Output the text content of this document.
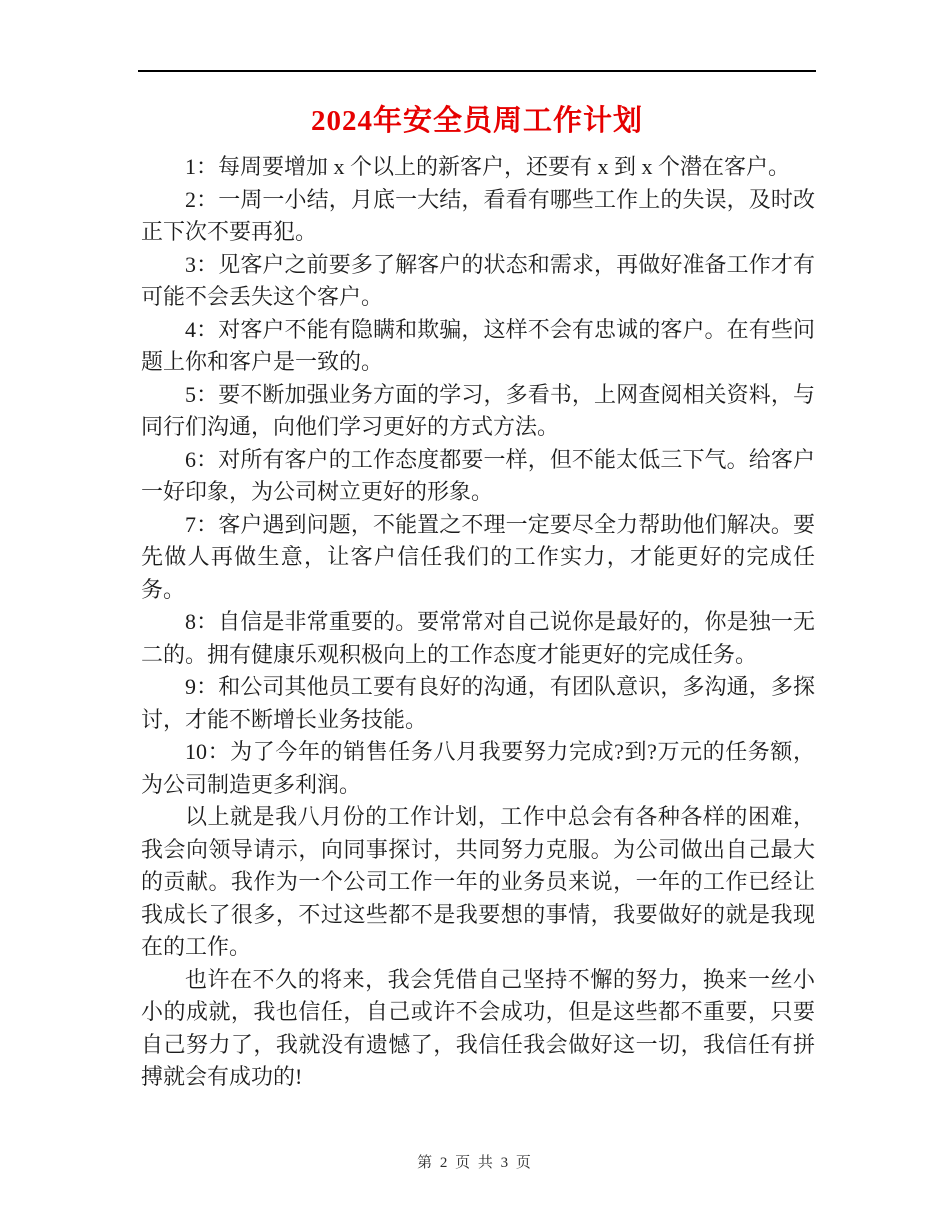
2024年安全员周工作计划

1：每周要增加 x 个以上的新客户，还要有 x 到 x 个潜在客户。

2：一周一小结，月底一大结，看看有哪些工作上的失误，及时改正下次不要再犯。

3：见客户之前要多了解客户的状态和需求，再做好准备工作才有可能不会丢失这个客户。

4：对客户不能有隐瞒和欺骗，这样不会有忠诚的客户。在有些问题上你和客户是一致的。

5：要不断加强业务方面的学习，多看书，上网查阅相关资料，与同行们沟通，向他们学习更好的方式方法。

6：对所有客户的工作态度都要一样，但不能太低三下气。给客户一好印象，为公司树立更好的形象。

7：客户遇到问题，不能置之不理一定要尽全力帮助他们解决。要先做人再做生意，让客户信任我们的工作实力，才能更好的完成任务。

8：自信是非常重要的。要常常对自己说你是最好的，你是独一无二的。拥有健康乐观积极向上的工作态度才能更好的完成任务。

9：和公司其他员工要有良好的沟通，有团队意识，多沟通，多探讨，才能不断增长业务技能。

10：为了今年的销售任务八月我要努力完成?到?万元的任务额，为公司制造更多利润。

以上就是我八月份的工作计划，工作中总会有各种各样的困难，我会向领导请示，向同事探讨，共同努力克服。为公司做出自己最大的贡献。我作为一个公司工作一年的业务员来说，一年的工作已经让我成长了很多，不过这些都不是我要想的事情，我要做好的就是我现在的工作。

也许在不久的将来，我会凭借自己坚持不懈的努力，换来一丝小小的成就，我也信任，自己或许不会成功，但是这些都不重要，只要自己努力了，我就没有遗憾了，我信任我会做好这一切，我信任有拼搏就会有成功的!

第 2 页 共 3 页
